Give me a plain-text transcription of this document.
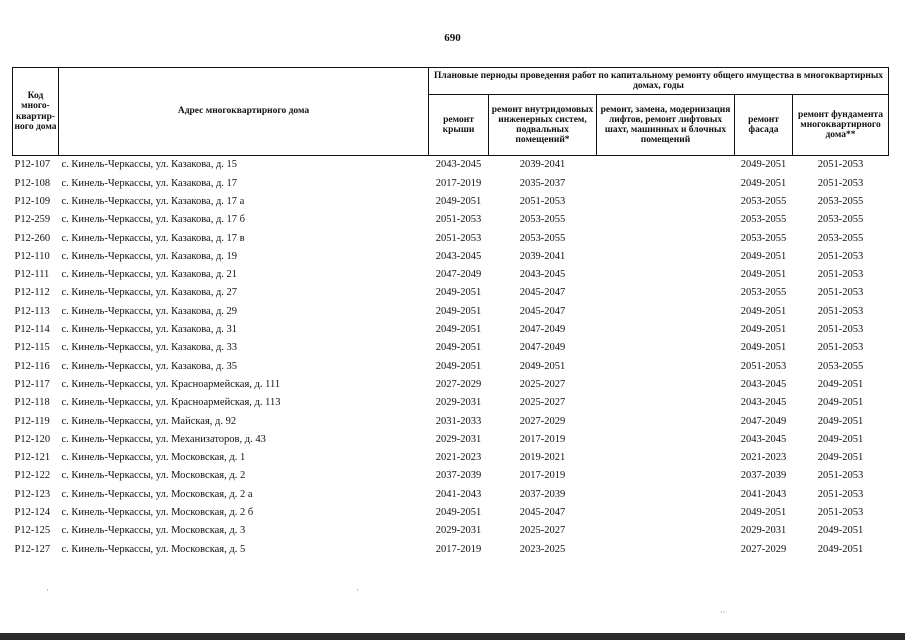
690
Код много-квартир-ного дома	Адрес многоквартирного дома	Плановые периоды проведения работ по капитальному ремонту общего имущества в многоквартирных домах, годы				
		ремонт крыши	ремонт внутридомовых инженерных систем, подвальных помещений*	ремонт, замена, модернизация лифтов, ремонт лифтовых шахт, машинных и блочных помещений	ремонт фасада	ремонт фундамента многоквартирного дома**
P12-107	с. Кинель-Черкассы, ул. Казакова, д. 15	2043-2045	2039-2041		2049-2051	2051-2053
P12-108	с. Кинель-Черкассы, ул. Казакова, д. 17	2017-2019	2035-2037		2049-2051	2051-2053
P12-109	с. Кинель-Черкассы, ул. Казакова, д. 17 а	2049-2051	2051-2053		2053-2055	2053-2055
P12-259	с. Кинель-Черкассы, ул. Казакова, д. 17 б	2051-2053	2053-2055		2053-2055	2053-2055
P12-260	с. Кинель-Черкассы, ул. Казакова, д. 17 в	2051-2053	2053-2055		2053-2055	2053-2055
P12-110	с. Кинель-Черкассы, ул. Казакова, д. 19	2043-2045	2039-2041		2049-2051	2051-2053
P12-111	с. Кинель-Черкассы, ул. Казакова, д. 21	2047-2049	2043-2045		2049-2051	2051-2053
P12-112	с. Кинель-Черкассы, ул. Казакова, д. 27	2049-2051	2045-2047		2053-2055	2051-2053
P12-113	с. Кинель-Черкассы, ул. Казакова, д. 29	2049-2051	2045-2047		2049-2051	2051-2053
P12-114	с. Кинель-Черкассы, ул. Казакова, д. 31	2049-2051	2047-2049		2049-2051	2051-2053
P12-115	с. Кинель-Черкассы, ул. Казакова, д. 33	2049-2051	2047-2049		2049-2051	2051-2053
P12-116	с. Кинель-Черкассы, ул. Казакова, д. 35	2049-2051	2049-2051		2051-2053	2053-2055
P12-117	с. Кинель-Черкассы, ул. Красноармейская, д. 111	2027-2029	2025-2027		2043-2045	2049-2051
P12-118	с. Кинель-Черкассы, ул. Красноармейская, д. 113	2029-2031	2025-2027		2043-2045	2049-2051
P12-119	с. Кинель-Черкассы, ул. Майская, д. 92	2031-2033	2027-2029		2047-2049	2049-2051
P12-120	с. Кинель-Черкассы, ул. Механизаторов, д. 43	2029-2031	2017-2019		2043-2045	2049-2051
P12-121	с. Кинель-Черкассы, ул. Московская, д. 1	2021-2023	2019-2021		2021-2023	2049-2051
P12-122	с. Кинель-Черкассы, ул. Московская, д. 2	2037-2039	2017-2019		2037-2039	2051-2053
P12-123	с. Кинель-Черкассы, ул. Московская, д. 2 а	2041-2043	2037-2039		2041-2043	2051-2053
P12-124	с. Кинель-Черкассы, ул. Московская, д. 2 б	2049-2051	2045-2047		2049-2051	2051-2053
P12-125	с. Кинель-Черкассы, ул. Московская, д. 3	2029-2031	2025-2027		2029-2031	2049-2051
P12-127	с. Кинель-Черкассы, ул. Московская, д. 5	2017-2019	2023-2025		2027-2029	2049-2051
·	·
··
